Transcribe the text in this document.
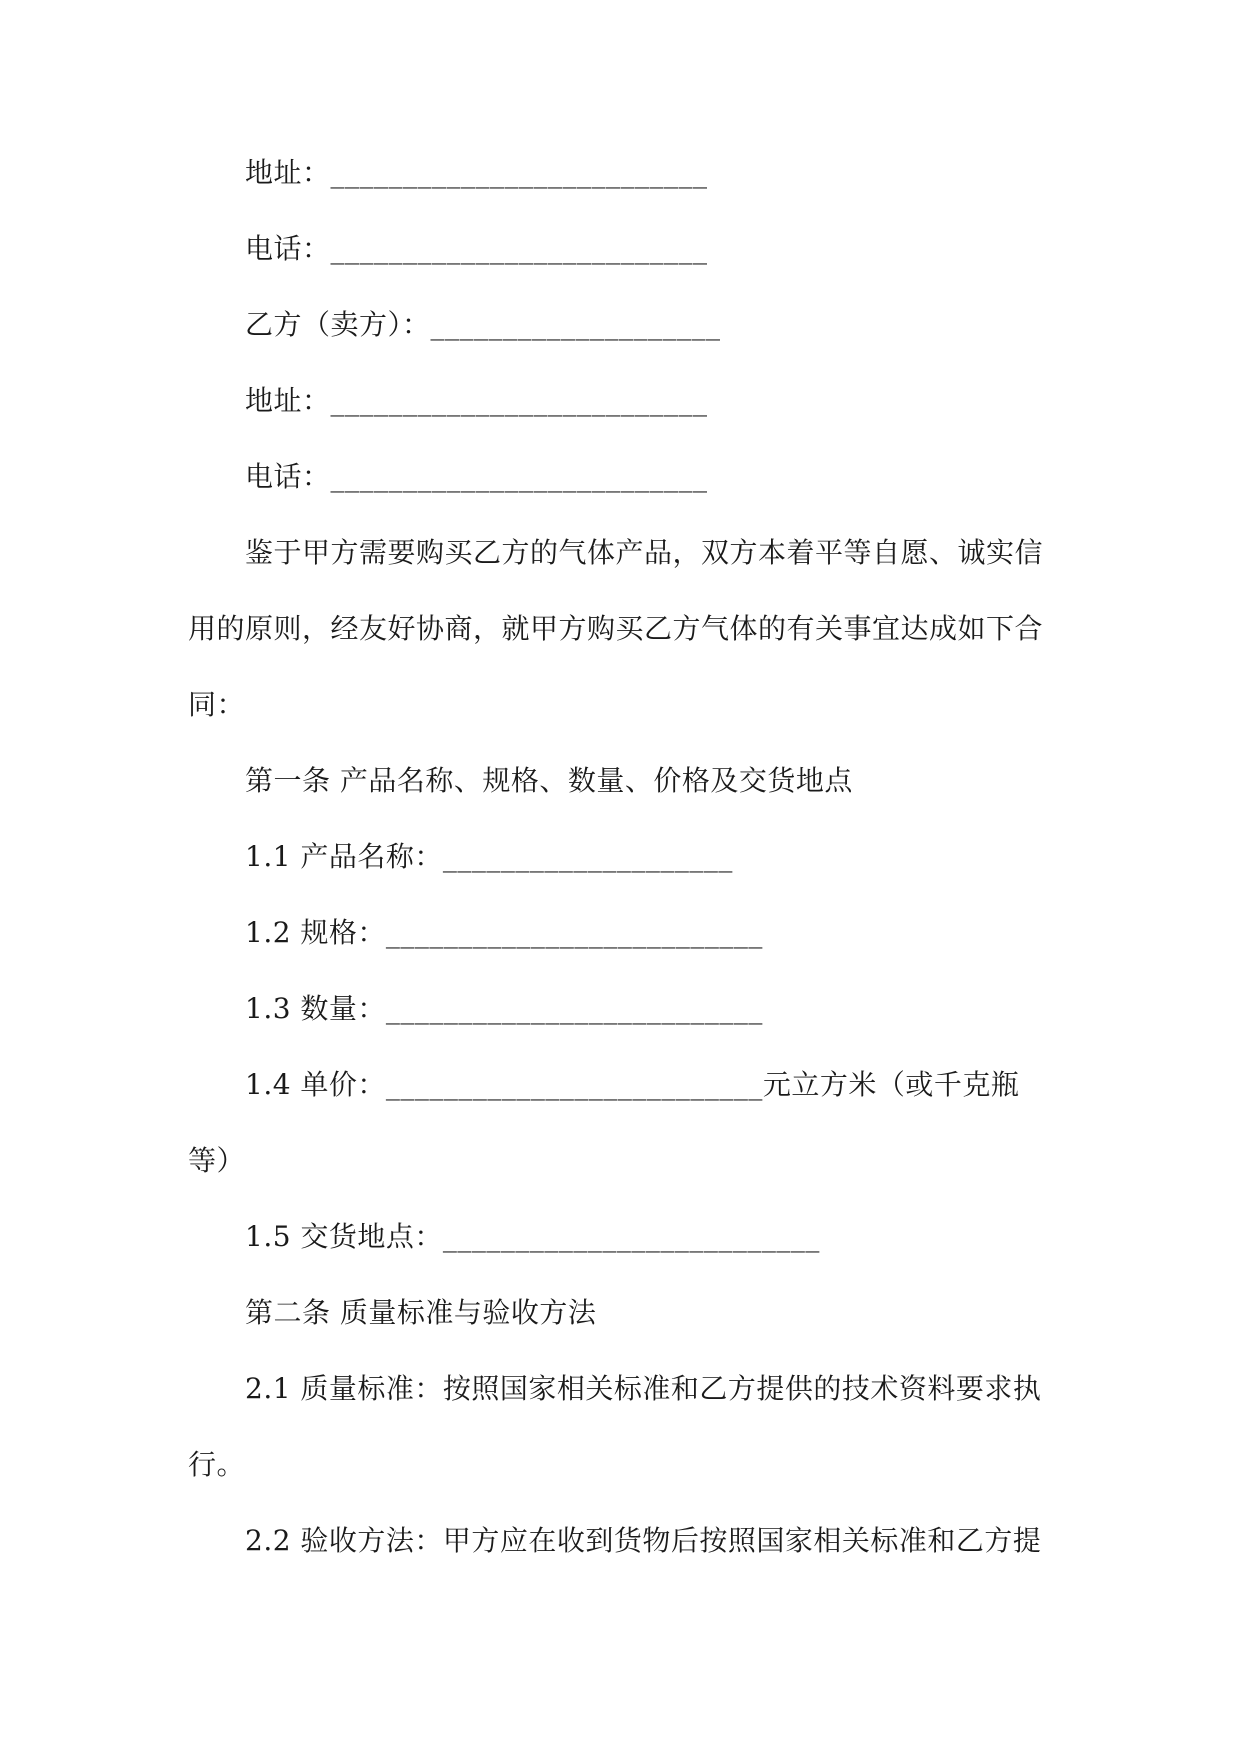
地址：__________________________
电话：__________________________
乙方（卖方）：____________________
地址：__________________________
电话：__________________________
鉴于甲方需要购买乙方的气体产品，双方本着平等自愿、诚实信
用的原则，经友好协商，就甲方购买乙方气体的有关事宜达成如下合
同：
第一条 产品名称、规格、数量、价格及交货地点
1.1 产品名称：____________________
1.2 规格：__________________________
1.3 数量：__________________________
1.4 单价：__________________________元立方米（或千克瓶
等）
1.5 交货地点：__________________________
第二条 质量标准与验收方法
2.1 质量标准：按照国家相关标准和乙方提供的技术资料要求执
行。
2.2 验收方法：甲方应在收到货物后按照国家相关标准和乙方提
